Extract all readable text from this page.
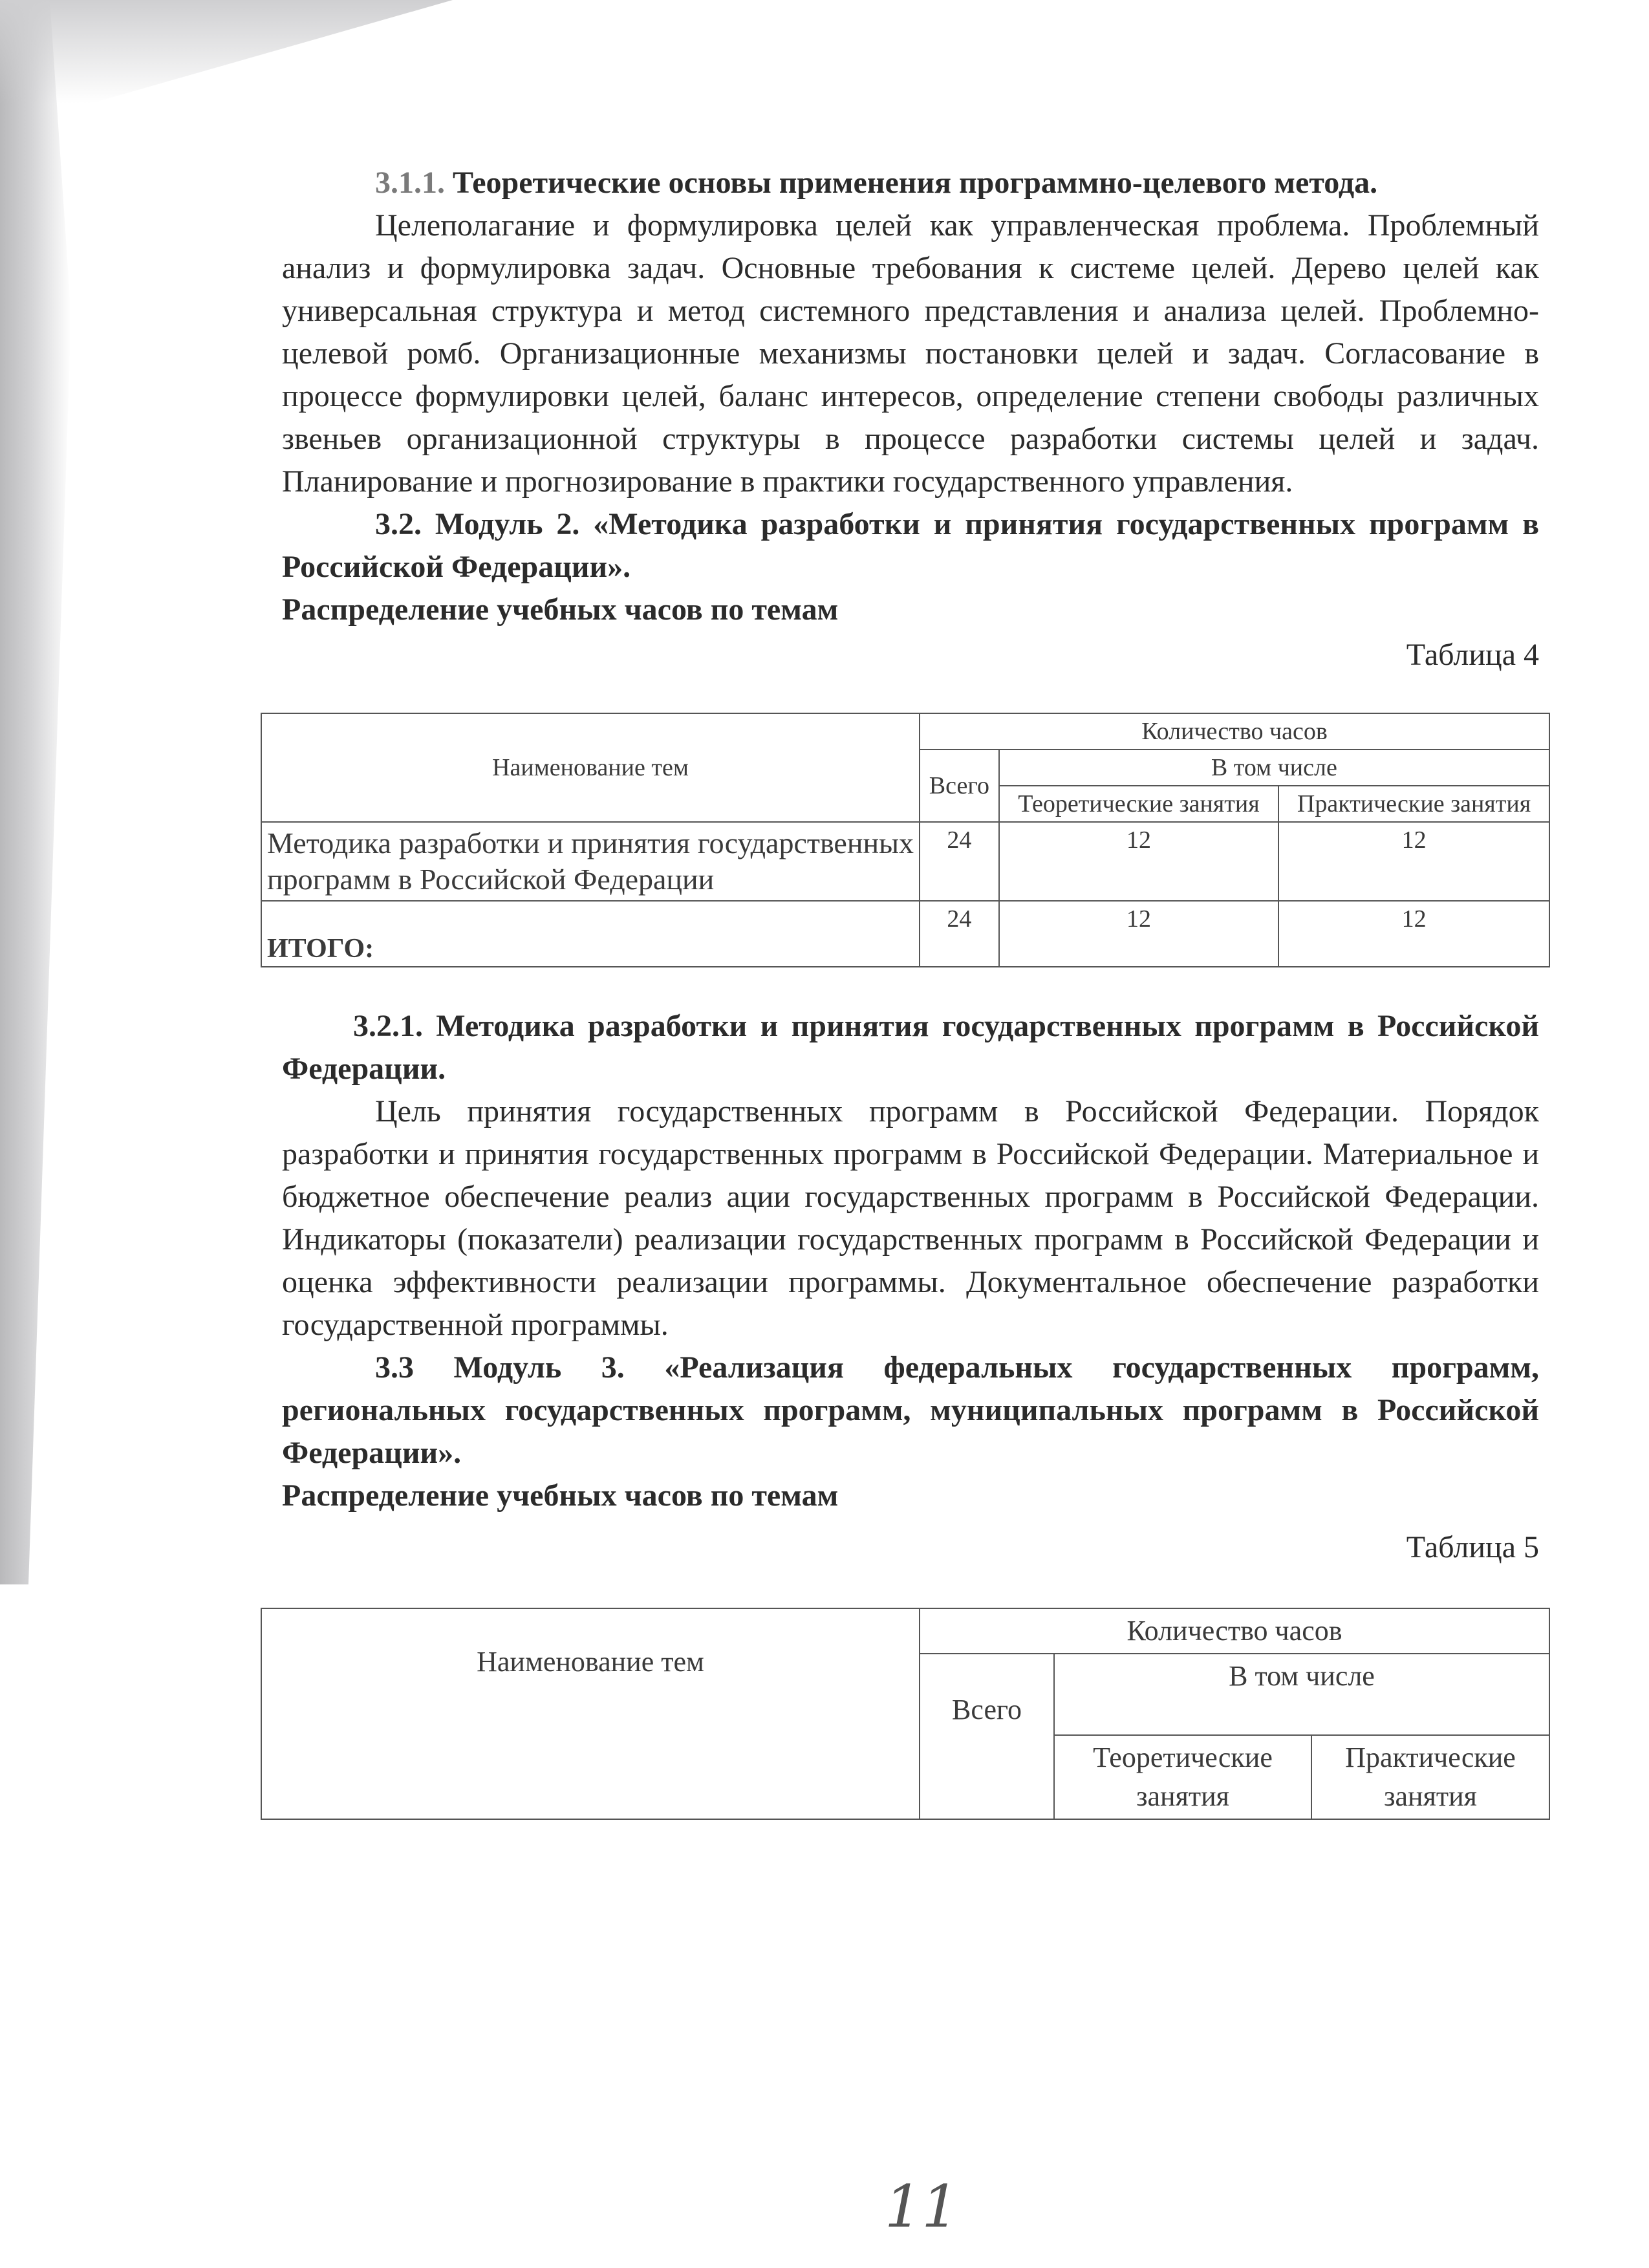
3.1.1. Теоретические основы применения программно-целевого метода.

Целеполагание и формулировка целей как управленческая проблема. Проблемный анализ и формулировка задач. Основные требования к системе целей. Дерево целей как универсальная структура и метод системного представления и анализа целей. Проблемно-целевой ромб. Организационные механизмы постановки целей и задач. Согласование в процессе формулировки целей, баланс интересов, определение степени свободы различных звеньев организационной структуры в процессе разработки системы целей и задач. Планирование и прогнозирование в практики государственного управления.

3.2. Модуль 2. «Методика разработки и принятия государственных программ в Российской Федерации».

Распределение учебных часов по темам

Таблица 4

Наименование тем	Количество часов		
	Всего	В том числе	
		Теоретические занятия	Практические занятия
Методика разработки и принятия государственных программ в Российской Федерации	24	12	12
ИТОГО:	24	12	12

3.2.1. Методика разработки и принятия государственных программ в Российской Федерации.

Цель принятия государственных программ в Российской Федерации. Порядок разработки и принятия государственных программ в Российской Федерации. Материальное и бюджетное обеспечение реализ ации государственных программ в Российской Федерации. Индикаторы (показатели) реализации государственных программ в Российской Федерации и оценка эффективности реализации программы. Документальное обеспечение разработки государственной программы.

3.3 Модуль 3. «Реализация федеральных государственных программ, региональных государственных программ, муниципальных программ в Российской Федерации».

Распределение учебных часов по темам

Таблица 5

Наименование тем	Количество часов		
	Всего	В том числе	
		Теоретические занятия	Практические занятия
11
